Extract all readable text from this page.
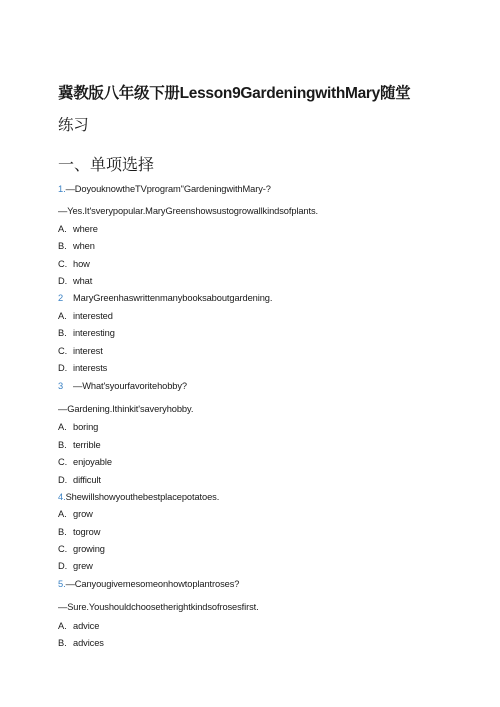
冀教版八年级下册Lesson9GardeningwithMary随堂
练习
一、单项选择
1.—DoyouknowtheTVprogram"GardeningwithMary-?
—Yes.It'sverypopular.MaryGreenshowsustogrowallkindsofplants.
A. where
B. when
C. how
D. what
2 MaryGreenhaswrittenmanybooksaboutgardening.
A. interested
B. interesting
C. interest
D. interests
3 —What'syourfavoritehobby?
—Gardening.Ithinkit'saveryhobby.
A. boring
B. terrible
C. enjoyable
D. difficult
4.Shewillshowyouthebestplacepotatoes.
A. grow
B. togrow
C. growing
D. grew
5.—Canyougivemesomeonhowtoplantroses?
—Sure.Youshouldchoosetherightkindsofrosesfirst.
A. advice
B. advices
